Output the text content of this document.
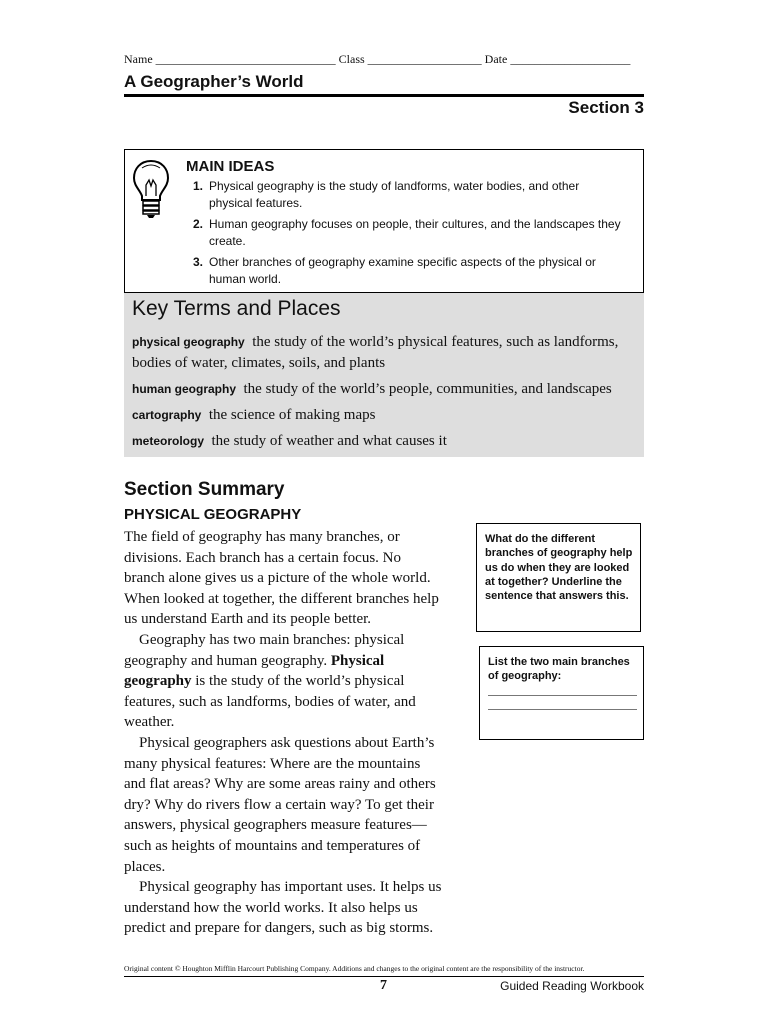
Name ______________________________ Class ___________________ Date ____________________
A Geographer’s World
Section 3
MAIN IDEAS
1. Physical geography is the study of landforms, water bodies, and other physical features.
2. Human geography focuses on people, their cultures, and the landscapes they create.
3. Other branches of geography examine specific aspects of the physical or human world.
Key Terms and Places
physical geography the study of the world’s physical features, such as landforms, bodies of water, climates, soils, and plants
human geography the study of the world’s people, communities, and landscapes
cartography the science of making maps
meteorology the study of weather and what causes it
Section Summary
PHYSICAL GEOGRAPHY

The field of geography has many branches, or divisions. Each branch has a certain focus. No branch alone gives us a picture of the whole world. When looked at together, the different branches help us understand Earth and its people better.

Geography has two main branches: physical geography and human geography. Physical geography is the study of the world’s physical features, such as landforms, bodies of water, and weather.

Physical geographers ask questions about Earth’s many physical features: Where are the mountains and flat areas? Why are some areas rainy and others dry? Why do rivers flow a certain way? To get their answers, physical geographers measure features—such as heights of mountains and temperatures of places.

Physical geography has important uses. It helps us understand how the world works. It also helps us predict and prepare for dangers, such as big storms.

What do the different branches of geography help us do when they are looked at together? Underline the sentence that answers this.
List the two main branches of geography:
Original content © Houghton Mifflin Harcourt Publishing Company. Additions and changes to the original content are the responsibility of the instructor.
7	Guided Reading Workbook
